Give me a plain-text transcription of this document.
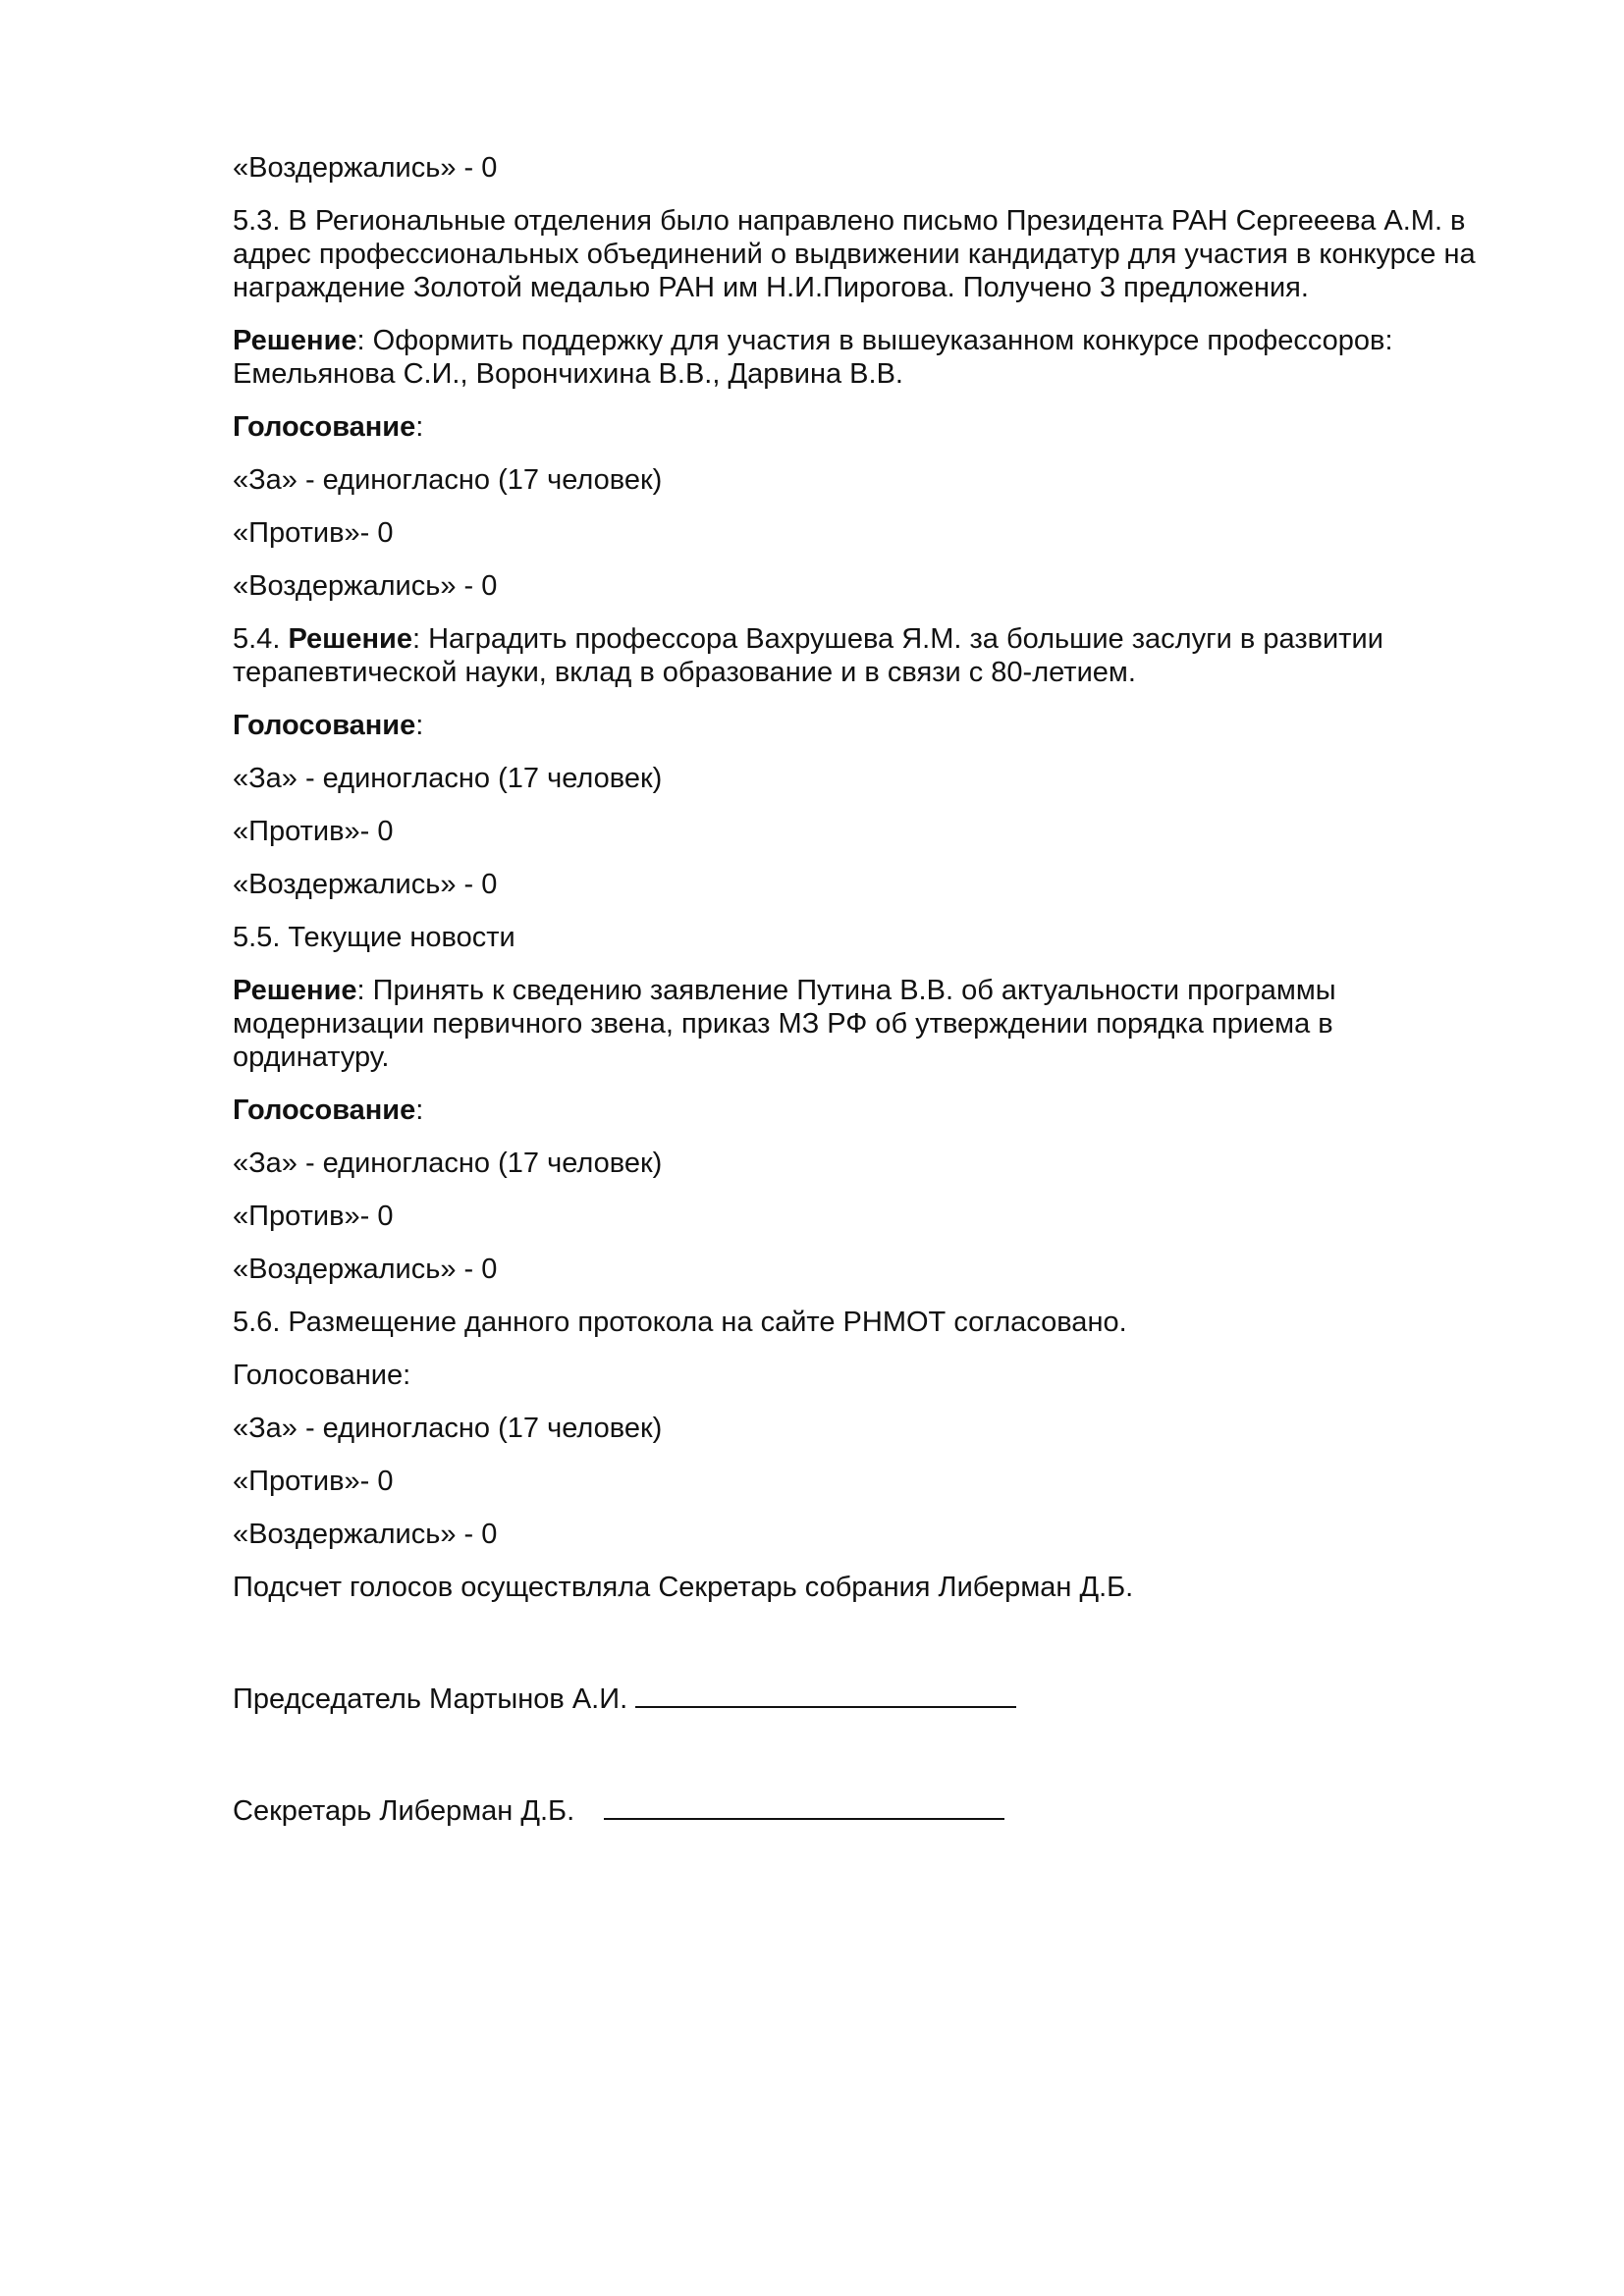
«Воздержались» - 0

5.3. В Региональные отделения было направлено письмо Президента РАН Сергееева А.М. в адрес профессиональных объединений о выдвижении кандидатур для участия в конкурсе на награждение Золотой медалью РАН им Н.И.Пирогова. Получено 3 предложения.

Решение: Оформить поддержку для участия в вышеуказанном конкурсе профессоров: Емельянова С.И., Ворончихина В.В., Дарвина В.В.

Голосование:

«За» - единогласно (17 человек)

«Против»- 0

«Воздержались» - 0

5.4. Решение: Наградить профессора Вахрушева Я.М. за большие заслуги в развитии терапевтической науки, вклад в образование и в связи с 80-летием.

Голосование:

«За» - единогласно (17 человек)

«Против»- 0

«Воздержались» - 0

5.5. Текущие новости

Решение: Принять к сведению заявление Путина В.В. об актуальности программы модернизации первичного звена, приказ МЗ РФ об утверждении порядка приема в ординатуру.

Голосование:

«За» - единогласно (17 человек)

«Против»- 0

«Воздержались» - 0

5.6. Размещение данного протокола на сайте РНМОТ согласовано.

Голосование:

«За» - единогласно (17 человек)

«Против»- 0

«Воздержались» - 0

Подсчет голосов осуществляла Секретарь собрания Либерман Д.Б.

Председатель Мартынов А.И.

Секретарь Либерман Д.Б.
